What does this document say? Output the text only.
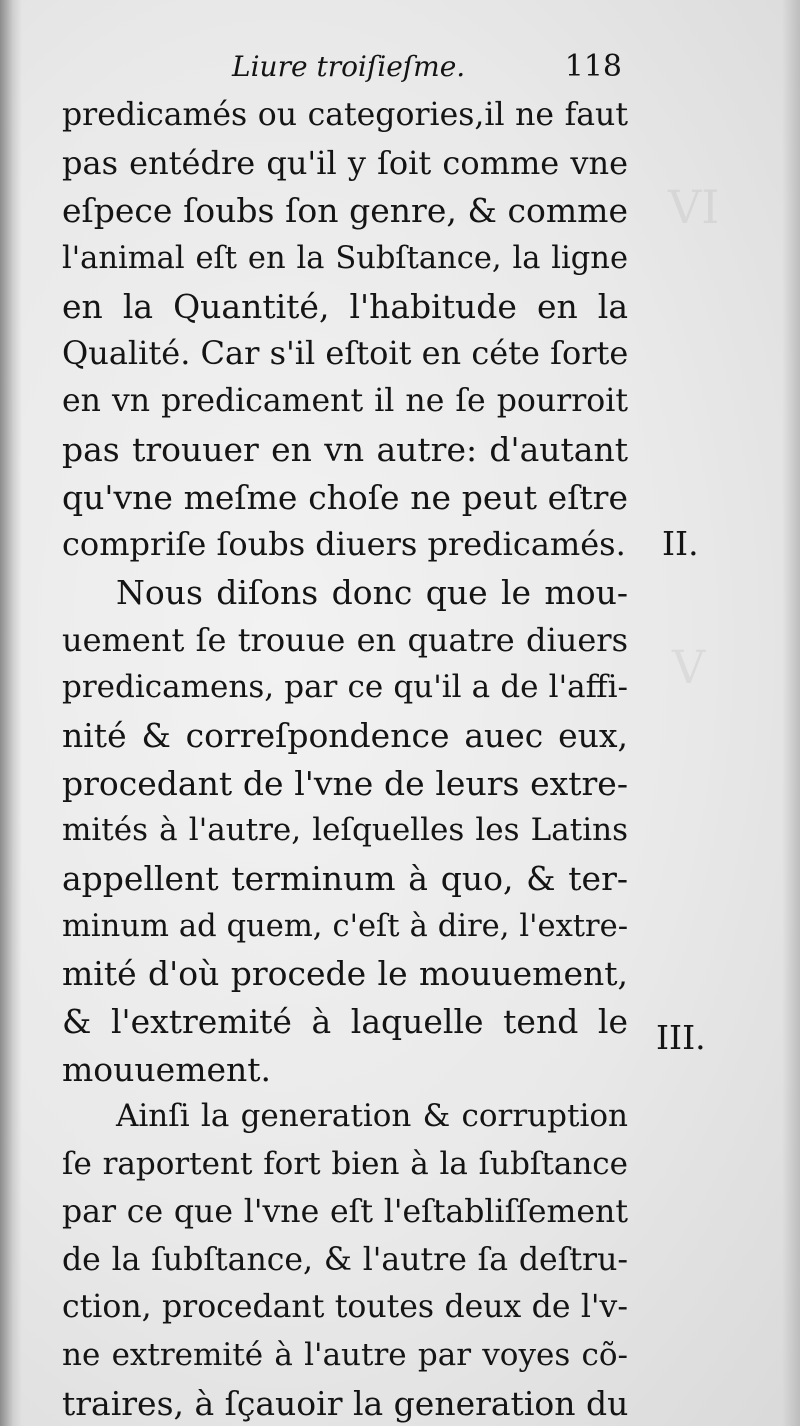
VI
V
Liure troiſieſme.	118
predicamés ou categories,il ne faut
pas entédre qu'il y ſoit comme vne
eſpece ſoubs ſon genre, & comme
l'animal eſt en la Subſtance, la ligne
en la Quantité, l'habitude en la
Qualité. Car s'il eſtoit en céte ſorte
en vn predicament il ne ſe pourroit
pas trouuer en vn autre: d'autant
qu'vne meſme choſe ne peut eſtre
compriſe ſoubs diuers predicamés.
Nous diſons donc que le mou-
uement ſe trouue en quatre diuers
predicamens, par ce qu'il a de l'affi-
nité & correſpondence auec eux,
procedant de l'vne de leurs extre-
mités à l'autre, leſquelles les Latins
appellent terminum à quo, & ter-
minum ad quem, c'eſt à dire, l'extre-
mité d'où procede le mouuement,
& l'extremité à laquelle tend le
mouuement.
Ainſi la generation & corruption
ſe raportent fort bien à la ſubſtance
par ce que l'vne eſt l'eſtabliſſement
de la ſubſtance, & l'autre ſa deſtru-
ction, procedant toutes deux de l'v-
ne extremité à l'autre par voyes cõ-
traires, à ſçauoir la generation du
II.
III.
